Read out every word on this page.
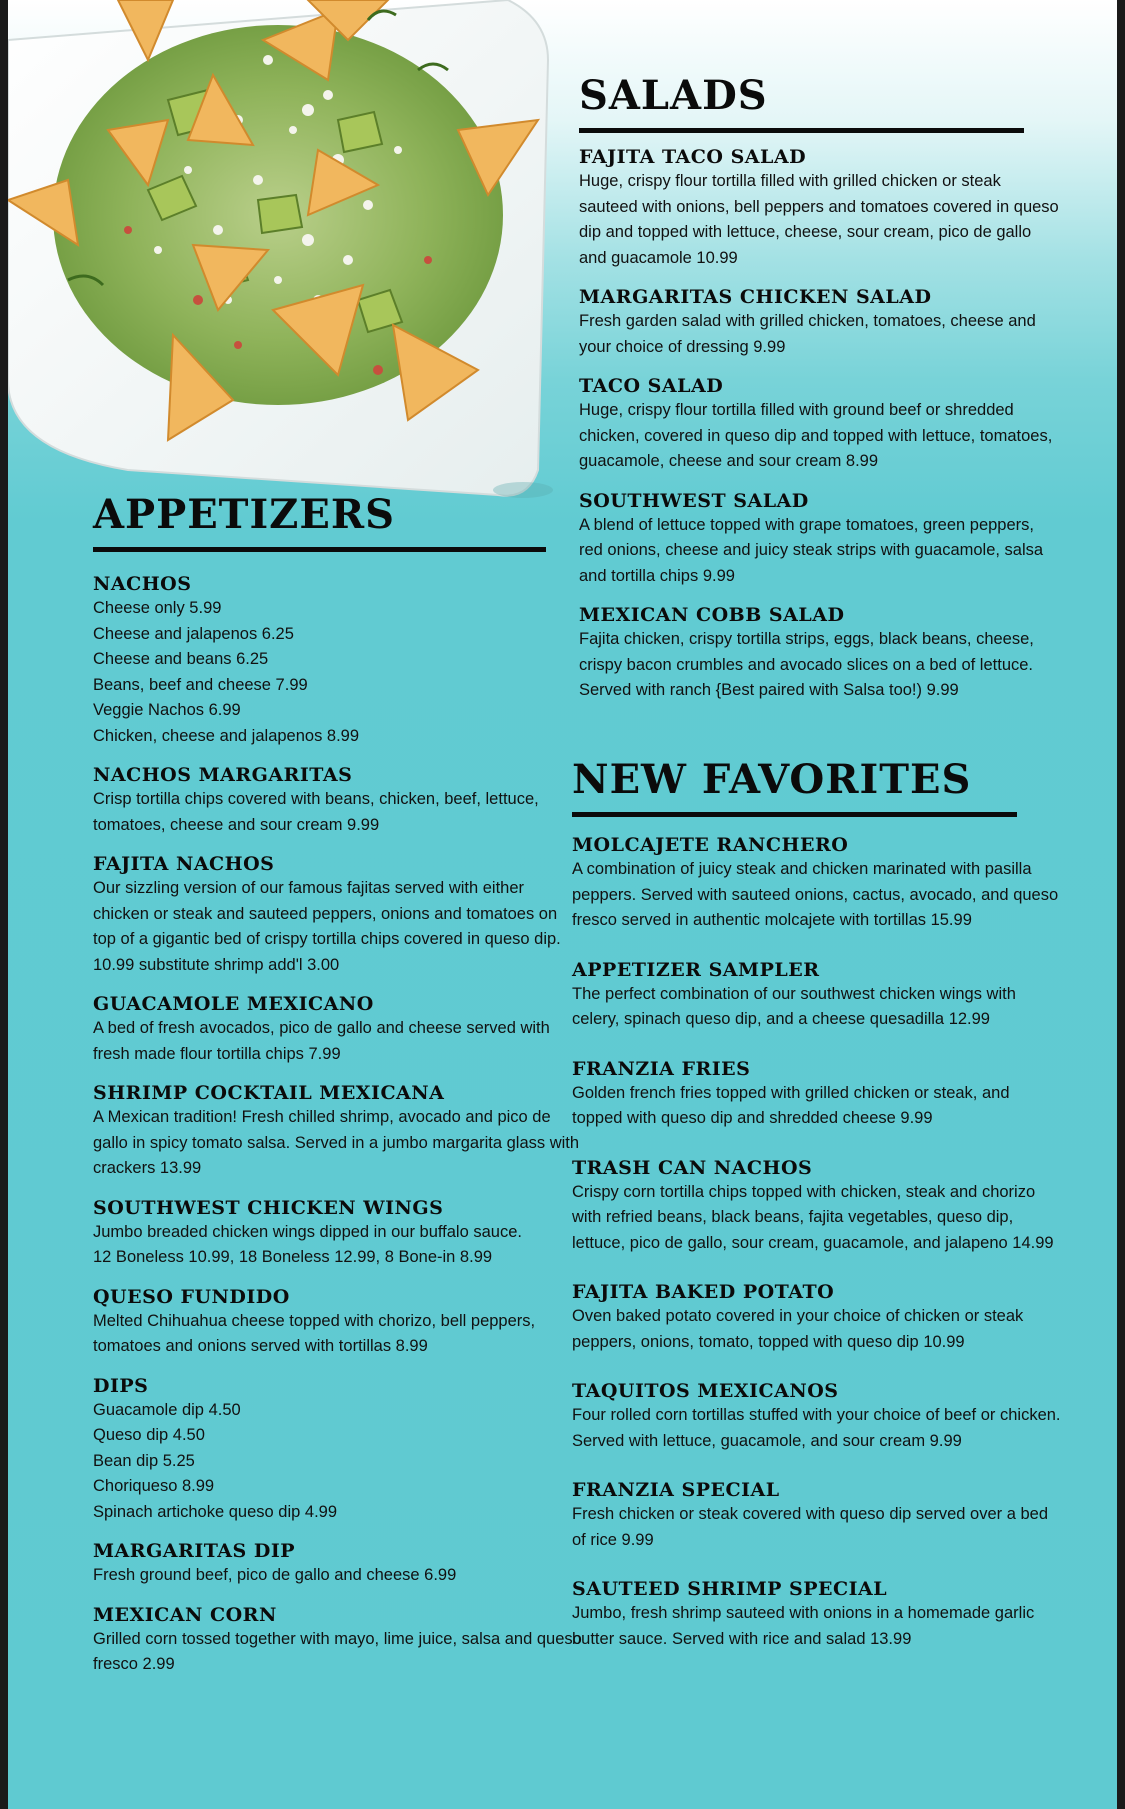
APPETIZERS
NACHOS
Cheese only 5.99
Cheese and jalapenos 6.25
Cheese and beans 6.25
Beans, beef and cheese 7.99
Veggie Nachos 6.99
Chicken, cheese and jalapenos 8.99
NACHOS MARGARITAS
Crisp tortilla chips covered with beans, chicken, beef, lettuce, tomatoes, cheese and sour cream 9.99
FAJITA NACHOS
Our sizzling version of our famous fajitas served with either chicken or steak and sauteed peppers, onions and tomatoes on top of a gigantic bed of crispy tortilla chips covered in queso dip. 10.99 substitute shrimp add'l 3.00
GUACAMOLE MEXICANO
A bed of fresh avocados, pico de gallo and cheese served with fresh made flour tortilla chips 7.99
SHRIMP COCKTAIL MEXICANA
A Mexican tradition! Fresh chilled shrimp, avocado and pico de gallo in spicy tomato salsa. Served in a jumbo margarita glass with crackers 13.99
SOUTHWEST CHICKEN WINGS
Jumbo breaded chicken wings dipped in our buffalo sauce.
12 Boneless 10.99, 18 Boneless 12.99, 8 Bone-in 8.99
QUESO FUNDIDO
Melted Chihuahua cheese topped with chorizo, bell peppers, tomatoes and onions served with tortillas 8.99
DIPS
Guacamole dip 4.50
Queso dip 4.50
Bean dip 5.25
Choriqueso 8.99
Spinach artichoke queso dip 4.99
MARGARITAS DIP
Fresh ground beef, pico de gallo and cheese 6.99
MEXICAN CORN
Grilled corn tossed together with mayo, lime juice, salsa and queso fresco 2.99
SALADS
FAJITA TACO SALAD
Huge, crispy flour tortilla filled with grilled chicken or steak sauteed with onions, bell peppers and tomatoes covered in queso dip and topped with lettuce, cheese, sour cream, pico de gallo and guacamole 10.99
MARGARITAS CHICKEN SALAD
Fresh garden salad with grilled chicken, tomatoes, cheese and your choice of dressing 9.99
TACO SALAD
Huge, crispy flour tortilla filled with ground beef or shredded chicken, covered in queso dip and topped with lettuce, tomatoes, guacamole, cheese and sour cream 8.99
SOUTHWEST SALAD
A blend of lettuce topped with grape tomatoes, green peppers, red onions, cheese and juicy steak strips with guacamole, salsa and tortilla chips 9.99
MEXICAN COBB SALAD
Fajita chicken, crispy tortilla strips, eggs, black beans, cheese, crispy bacon crumbles and avocado slices on a bed of lettuce. Served with ranch {Best paired with Salsa too!) 9.99
NEW FAVORITES
MOLCAJETE RANCHERO
A combination of juicy steak and chicken marinated with pasilla peppers. Served with sauteed onions, cactus, avocado, and queso fresco served in authentic molcajete with tortillas 15.99
APPETIZER SAMPLER
The perfect combination of our southwest chicken wings with celery, spinach queso dip, and a cheese quesadilla 12.99
FRANZIA FRIES
Golden french fries topped with grilled chicken or steak, and topped with queso dip and shredded cheese 9.99
TRASH CAN NACHOS
Crispy corn tortilla chips topped with chicken, steak and chorizo with refried beans, black beans, fajita vegetables, queso dip, lettuce, pico de gallo, sour cream, guacamole, and jalapeno 14.99
FAJITA BAKED POTATO
Oven baked potato covered in your choice of chicken or steak peppers, onions, tomato, topped with queso dip 10.99
TAQUITOS MEXICANOS
Four rolled corn tortillas stuffed with your choice of beef or chicken. Served with lettuce, guacamole, and sour cream 9.99
FRANZIA SPECIAL
Fresh chicken or steak covered with queso dip served over a bed of rice 9.99
SAUTEED SHRIMP SPECIAL
Jumbo, fresh shrimp sauteed with onions in a homemade garlic butter sauce. Served with rice and salad 13.99
